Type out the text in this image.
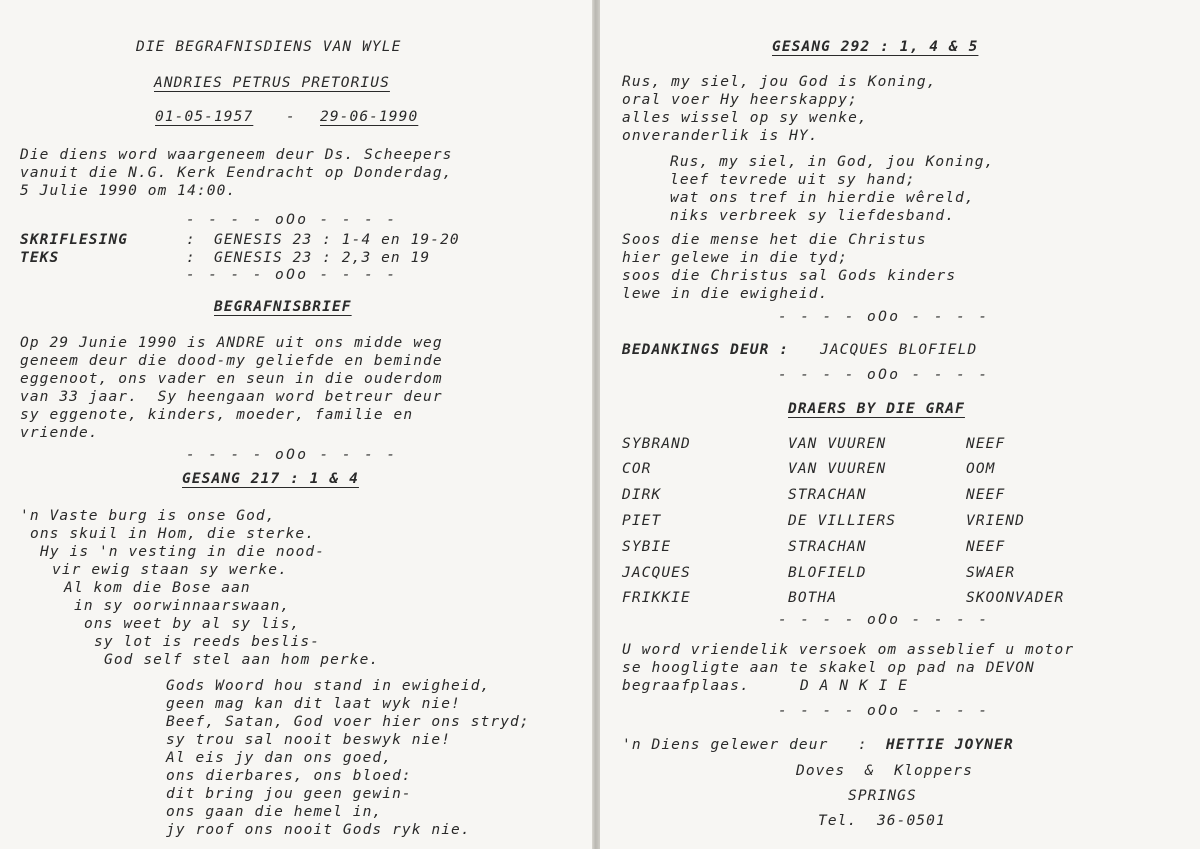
DIE BEGRAFNISDIENS VAN WYLE
ANDRIES PETRUS PRETORIUS
01-05-1957 - 29-06-1990
Die diens word waargeneem deur Ds. Scheepers
vanuit die N.G. Kerk Eendracht op Donderdag,
5 Julie 1990 om 14:00.
- - - - oOo - - - -
SKRIFLESING	: GENESIS 23 : 1-4 en 19-20
TEKS	: GENESIS 23 : 2,3 en 19
- - - - oOo - - - -
BEGRAFNISBRIEF
Op 29 Junie 1990 is ANDRE uit ons midde weg
geneem deur die dood-my geliefde en beminde
eggenoot, ons vader en seun in die ouderdom
van 33 jaar.  Sy heengaan word betreur deur
sy eggenote, kinders, moeder, familie en
vriende.
- - - - oOo - - - -
GESANG 217 : 1 & 4
'n Vaste burg is onse God,
ons skuil in Hom, die sterke.
Hy is 'n vesting in die nood-
vir ewig staan sy werke.
Al kom die Bose aan
in sy oorwinnaarswaan,
ons weet by al sy lis,
sy lot is reeds beslis-
God self stel aan hom perke.
Gods Woord hou stand in ewigheid,
geen mag kan dit laat wyk nie!
Beef, Satan, God voer hier ons stryd;
sy trou sal nooit beswyk nie!
Al eis jy dan ons goed,
ons dierbares, ons bloed:
dit bring jou geen gewin-
ons gaan die hemel in,
jy roof ons nooit Gods ryk nie.
GESANG 292 : 1, 4 & 5
Rus, my siel, jou God is Koning,
oral voer Hy heerskappy;
alles wissel op sy wenke,
onveranderlik is HY.
Rus, my siel, in God, jou Koning,
leef tevrede uit sy hand;
wat ons tref in hierdie wêreld,
niks verbreek sy liefdesband.
Soos die mense het die Christus
hier gelewe in die tyd;
soos die Christus sal Gods kinders
lewe in die ewigheid.
- - - - oOo - - - -
BEDANKINGS DEUR : JACQUES BLOFIELD
- - - - oOo - - - -
DRAERS BY DIE GRAF
SYBRAND	VAN VUUREN	NEEF
COR	VAN VUUREN	OOM
DIRK	STRACHAN	NEEF
PIET	DE VILLIERS	VRIEND
SYBIE	STRACHAN	NEEF
JACQUES	BLOFIELD	SWAER
FRIKKIE	BOTHA	SKOONVADER
- - - - oOo - - - -
U word vriendelik versoek om asseblief u motor
se hoogligte aan te skakel op pad na DEVON
begraafplaas.	D A N K I E
- - - - oOo - - - -
'n Diens gelewer deur   : HETTIE JOYNER
Doves  &  Kloppers
SPRINGS
Tel.  36-0501
